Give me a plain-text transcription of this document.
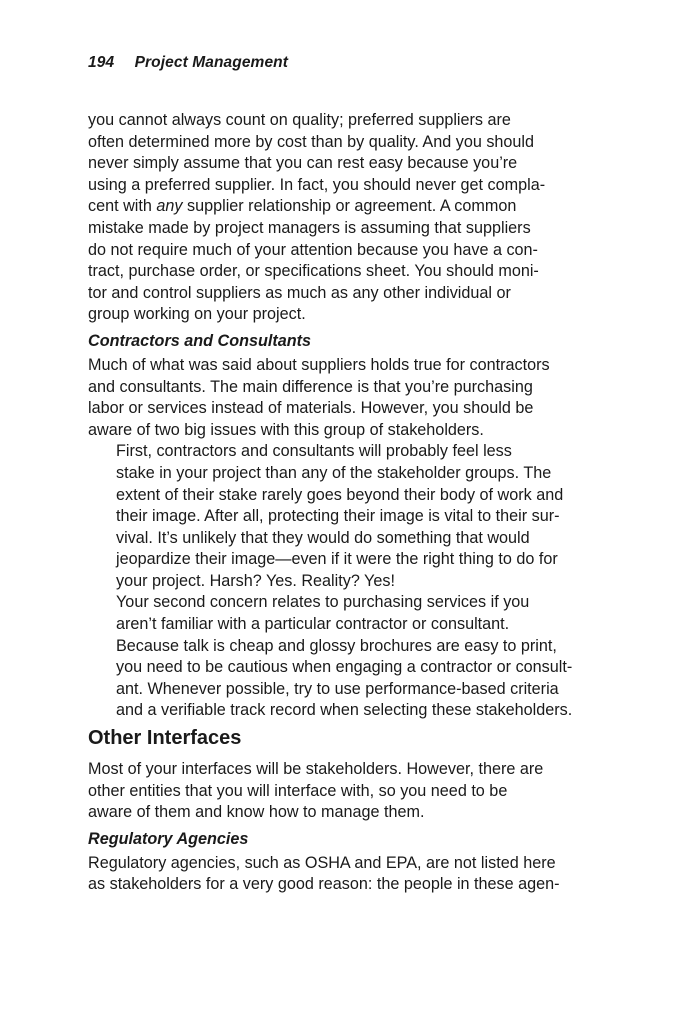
194 Project Management

you cannot always count on quality; preferred suppliers are
often determined more by cost than by quality. And you should
never simply assume that you can rest easy because you’re
using a preferred supplier. In fact, you should never get compla-
cent with any supplier relationship or agreement. A common
mistake made by project managers is assuming that suppliers
do not require much of your attention because you have a con-
tract, purchase order, or specifications sheet. You should moni-
tor and control suppliers as much as any other individual or
group working on your project.

Contractors and Consultants

Much of what was said about suppliers holds true for contractors
and consultants. The main difference is that you’re purchasing
labor or services instead of materials. However, you should be
aware of two big issues with this group of stakeholders.

First, contractors and consultants will probably feel less
stake in your project than any of the stakeholder groups. The
extent of their stake rarely goes beyond their body of work and
their image. After all, protecting their image is vital to their sur-
vival. It’s unlikely that they would do something that would
jeopardize their image—even if it were the right thing to do for
your project. Harsh? Yes. Reality? Yes!

Your second concern relates to purchasing services if you
aren’t familiar with a particular contractor or consultant.
Because talk is cheap and glossy brochures are easy to print,
you need to be cautious when engaging a contractor or consult-
ant. Whenever possible, try to use performance-based criteria
and a verifiable track record when selecting these stakeholders.

Other Interfaces

Most of your interfaces will be stakeholders. However, there are
other entities that you will interface with, so you need to be
aware of them and know how to manage them.

Regulatory Agencies

Regulatory agencies, such as OSHA and EPA, are not listed here
as stakeholders for a very good reason: the people in these agen-
